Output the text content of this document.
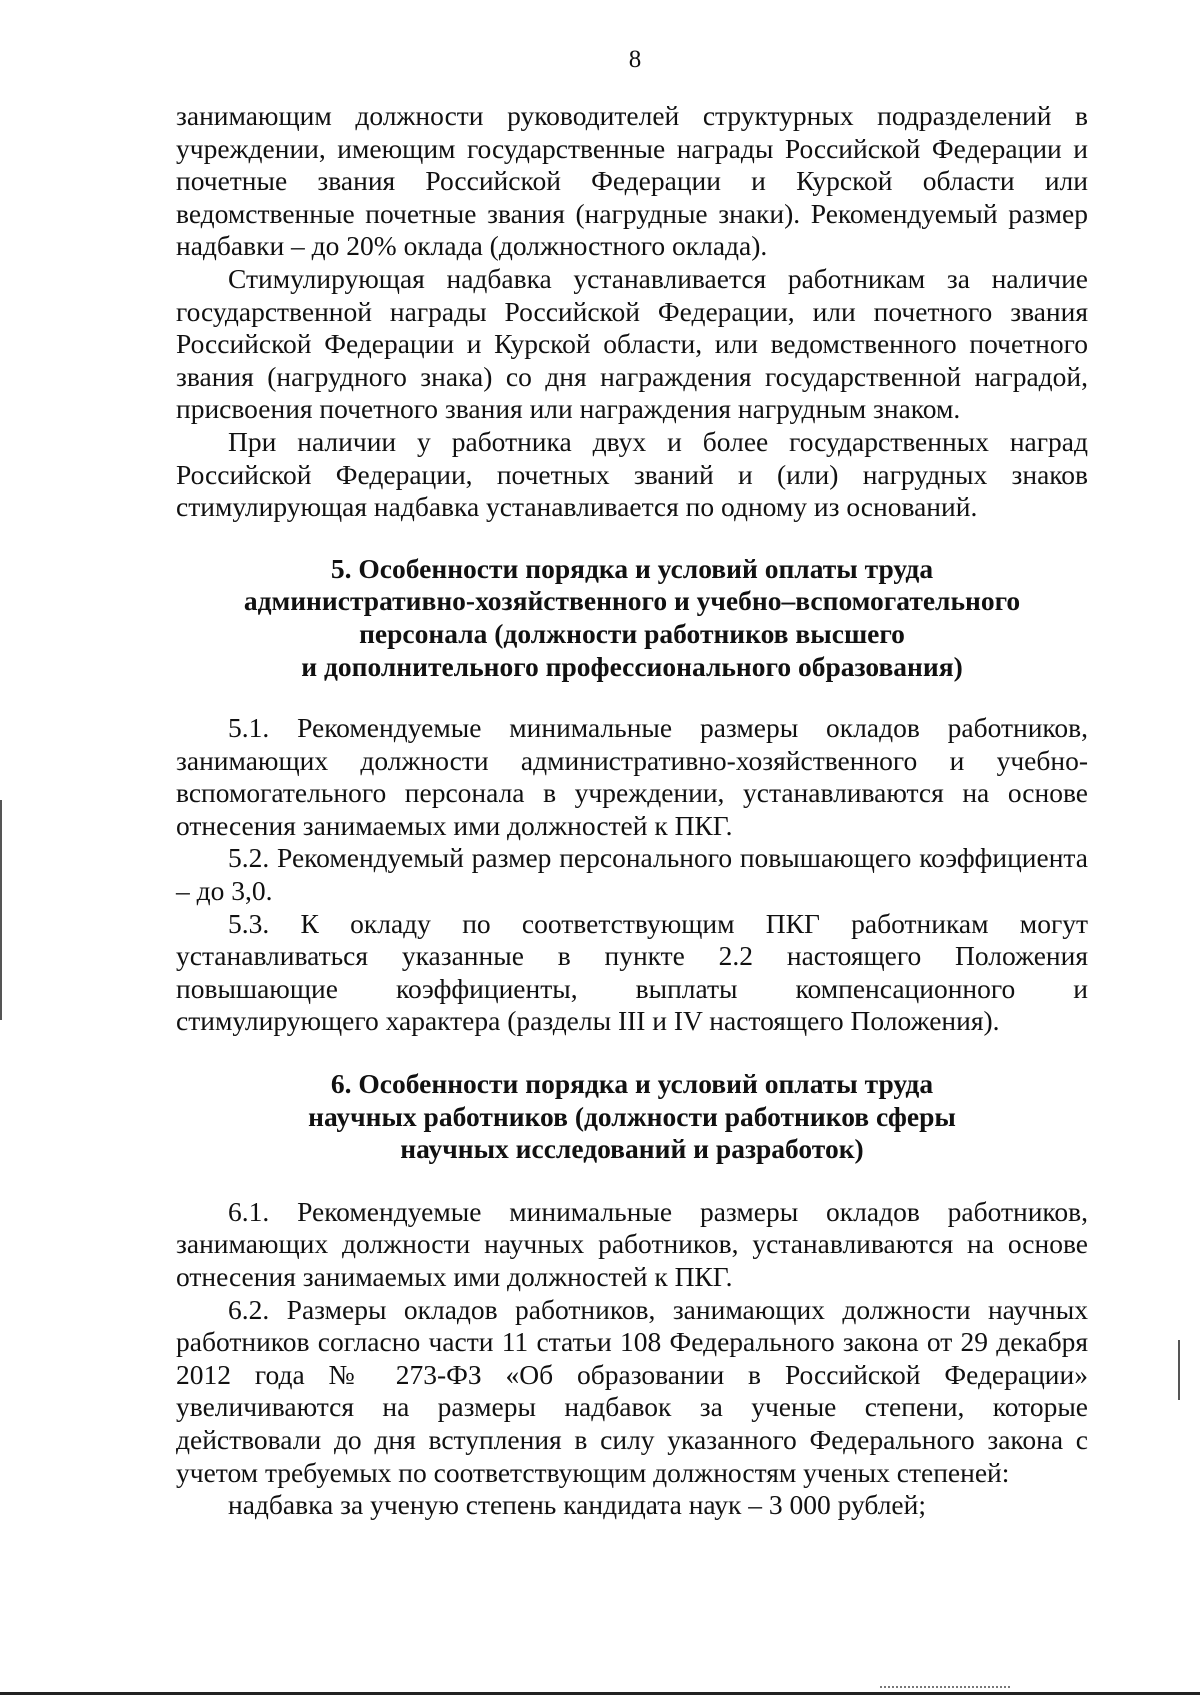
8

занимающим должности руководителей структурных подразделений в учреждении, имеющим государственные награды Российской Федерации и почетные звания Российской Федерации и Курской области или ведомственные почетные звания (нагрудные знаки). Рекомендуемый размер надбавки – до 20% оклада (должностного оклада).

Стимулирующая надбавка устанавливается работникам за наличие государственной награды Российской Федерации, или почетного звания Российской Федерации и Курской области, или ведомственного почетного звания (нагрудного знака) со дня награждения государственной наградой, присвоения почетного звания или награждения нагрудным знаком.

При наличии у работника двух и более государственных наград Российской Федерации, почетных званий и (или) нагрудных знаков стимулирующая надбавка устанавливается по одному из оснований.

5. Особенности порядка и условий оплаты труда
административно-хозяйственного и учебно–вспомогательного
персонала (должности работников высшего
и дополнительного профессионального образования)

5.1. Рекомендуемые минимальные размеры окладов работников, занимающих должности административно-хозяйственного и учебно-вспомогательного персонала в учреждении, устанавливаются на основе отнесения занимаемых ими должностей к ПКГ.

5.2. Рекомендуемый размер персонального повышающего коэффициента – до 3,0.

5.3. К окладу по соответствующим ПКГ работникам могут устанавливаться указанные в пункте 2.2 настоящего Положения повышающие коэффициенты, выплаты компенсационного и стимулирующего характера (разделы III и IV настоящего Положения).

6. Особенности порядка и условий оплаты труда
научных работников (должности работников сферы
научных исследований и разработок)

6.1. Рекомендуемые минимальные размеры окладов работников, занимающих должности научных работников, устанавливаются на основе отнесения занимаемых ими должностей к ПКГ.

6.2. Размеры окладов работников, занимающих должности научных работников согласно части 11 статьи 108 Федерального закона от 29 декабря 2012 года № 273-ФЗ «Об образовании в Российской Федерации» увеличиваются на размеры надбавок за ученые степени, которые действовали до дня вступления в силу указанного Федерального закона с учетом требуемых по соответствующим должностям ученых степеней:

надбавка за ученую степень кандидата наук – 3 000 рублей;
